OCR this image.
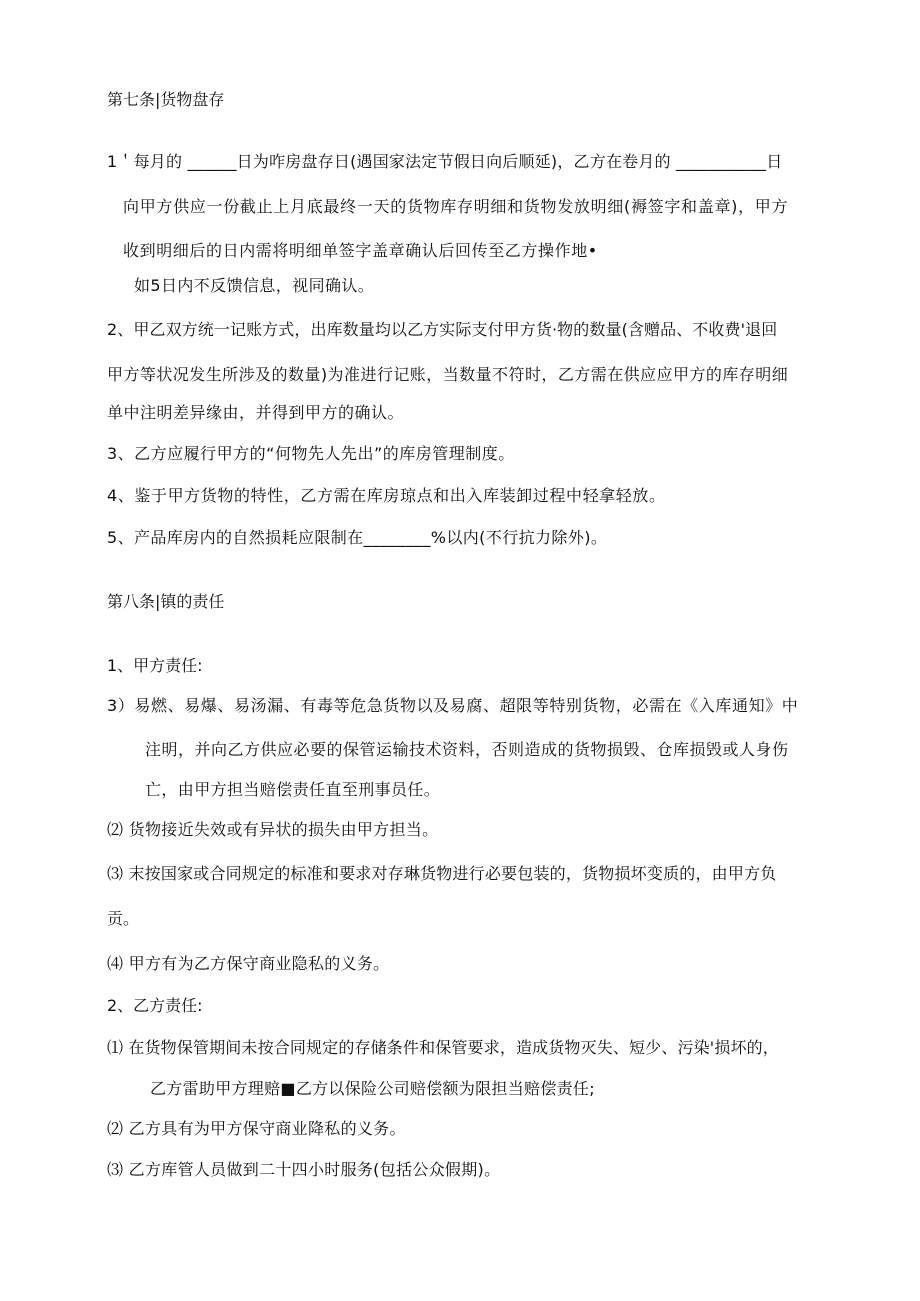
第七条|货物盘存
1＇每月的 ______日为咋房盘存日(遇国家法定节假日向后顺延)，乙方在卷月的 ___________日
向甲方供应一份截止上月底最终一天的货物库存明细和货物发放明细(褥签字和盖章)，甲方
收到明细后的日内需将明细单签字盖章确认后回传至乙方操作地•
如5日内不反馈信息，视同确认。
2、甲乙双方统一记账方式，出库数量均以乙方实际支付甲方货·物的数量(含赠品、不收费'退回
甲方等状况发生所涉及的数量)为准进行记账，当数量不符时，乙方需在供应应甲方的库存明细
单中注明差异缘由，并得到甲方的确认。
3、乙方应履行甲方的“何物先人先出”的库房管理制度。
4、鉴于甲方货物的特性，乙方需在库房琼点和出入库装卸过程中轻拿轻放。
5、产品库房内的自然损耗应限制在________%以内(不行抗力除外)。
第八条|镇的责任
1、甲方责任:
3）易燃、易爆、易汤漏、有毒等危急货物以及易腐、超限等特别货物，必需在《入库通知》中
注明，并向乙方供应必要的保管运输技术资料，否则造成的货物损毁、仓库损毁或人身伤
亡，由甲方担当赔偿责任直至刑事员任。
⑵ 货物接近失效或有异状的损失由甲方担当。
⑶ 末按国家或合同规定的标准和要求对存琳货物进行必要包装的，货物损坏变质的，由甲方负
贡。
⑷ 甲方有为乙方保守商业隐私的义务。
2、乙方责任:
⑴ 在货物保管期间未按合同规定的存储条件和保管要求，造成货物灭失、短少、污染'损坏的，
乙方雷助甲方理赔■乙方以保险公司赔偿额为限担当赔偿责任;
⑵ 乙方具有为甲方保守商业降私的义务。
⑶ 乙方库管人员做到二十四小时服务(包括公众假期)。
